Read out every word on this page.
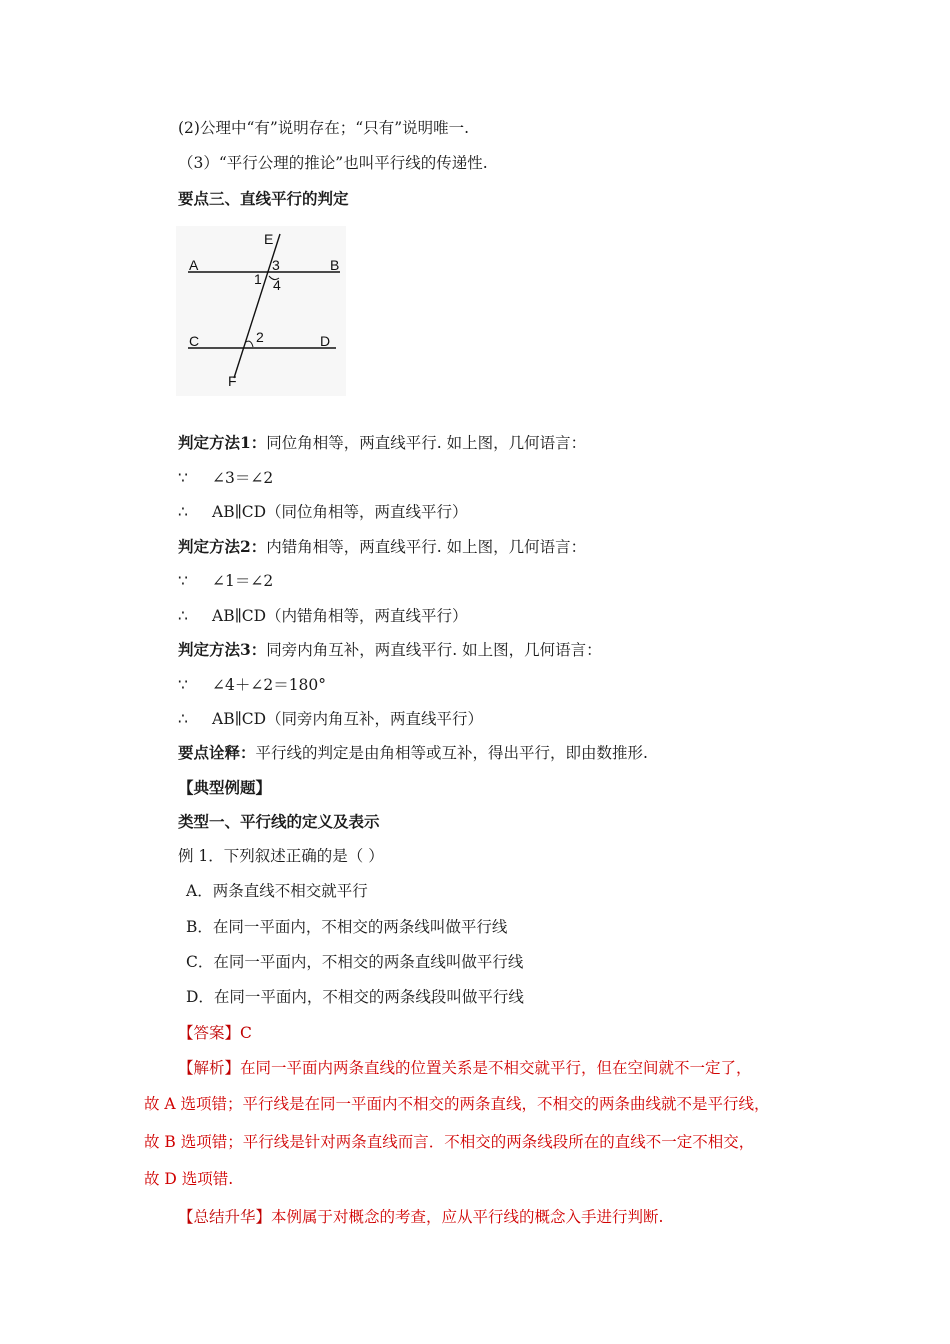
(2)公理中“有”说明存在；“只有”说明唯一.
（3）“平行公理的推论”也叫平行线的传递性.
要点三、直线平行的判定
E
A	B
C	D
F
1
2
3
4
判定方法1：同位角相等，两直线平行. 如上图，几何语言：
∵ ∠3＝∠2
∴ AB∥CD（同位角相等，两直线平行）
判定方法2：内错角相等，两直线平行. 如上图，几何语言：
∵ ∠1＝∠2
∴ AB∥CD（内错角相等，两直线平行）
判定方法3：同旁内角互补，两直线平行. 如上图，几何语言：
∵ ∠4＋∠2＝180°
∴ AB∥CD（同旁内角互补，两直线平行）
要点诠释：平行线的判定是由角相等或互补，得出平行，即由数推形.
【典型例题】
类型一、平行线的定义及表示
例 1．下列叙述正确的是（ ）
A．两条直线不相交就平行
B．在同一平面内，不相交的两条线叫做平行线
C．在同一平面内，不相交的两条直线叫做平行线
D．在同一平面内，不相交的两条线段叫做平行线
【答案】C
【解析】在同一平面内两条直线的位置关系是不相交就平行，但在空间就不一定了，
故 A 选项错；平行线是在同一平面内不相交的两条直线，不相交的两条曲线就不是平行线，
故 B 选项错；平行线是针对两条直线而言．不相交的两条线段所在的直线不一定不相交，
故 D 选项错.
【总结升华】本例属于对概念的考查，应从平行线的概念入手进行判断.
